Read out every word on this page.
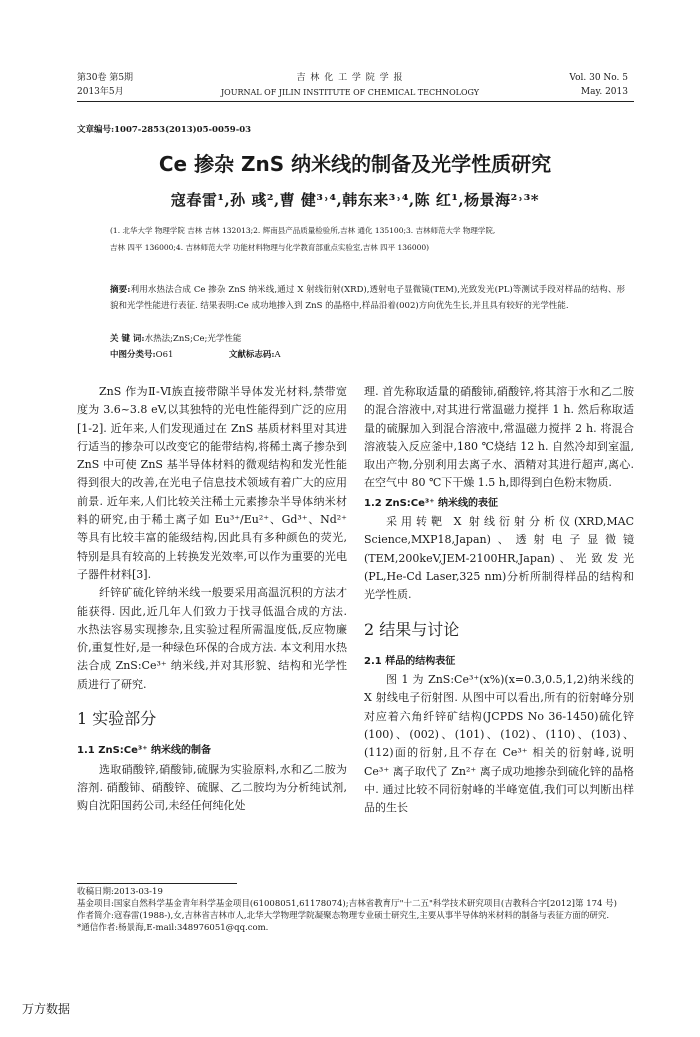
第30卷 第5期
2013年5月
吉 林 化 工 学 院 学 报
JOURNAL OF JILIN INSTITUTE OF CHEMICAL TECHNOLOGY
Vol. 30 No. 5
May. 2013
文章编号:1007-2853(2013)05-0059-03
Ce 掺杂 ZnS 纳米线的制备及光学性质研究
寇春雷¹,孙 彧²,曹 健³˒⁴,韩东来³˒⁴,陈 红¹,杨景海²˒³*
(1. 北华大学 物理学院 吉林 吉林 132013;2. 辉南县产品质量检验所,吉林 通化 135100;3. 吉林师范大学 物理学院,
吉林 四平 136000;4. 吉林师范大学 功能材料物理与化学教育部重点实验室,吉林 四平 136000)
摘要:利用水热法合成 Ce 掺杂 ZnS 纳米线,通过 X 射线衍射(XRD),透射电子显微镜(TEM),光致发光(PL)等测试手段对样品的结构、形貌和光学性能进行表征. 结果表明:Ce 成功地掺入到 ZnS 的晶格中,样品沿着(002)方向优先生长,并且具有较好的光学性能.
关 键 词:水热法;ZnS;Ce;光学性能
中图分类号:O61	文献标志码:A

ZnS 作为Ⅱ-Ⅵ族直接带隙半导体发光材料,禁带宽度为 3.6~3.8 eV,以其独特的光电性能得到广泛的应用[1-2]. 近年来,人们发现通过在 ZnS 基质材料里对其进行适当的掺杂可以改变它的能带结构,将稀土离子掺杂到 ZnS 中可使 ZnS 基半导体材料的微观结构和发光性能得到很大的改善,在光电子信息技术领域有着广大的应用前景. 近年来,人们比较关注稀土元素掺杂半导体纳米材料的研究,由于稀土离子如 Eu³⁺/Eu²⁺、Gd³⁺、Nd²⁺ 等具有比较丰富的能级结构,因此具有多种颜色的荧光,特别是具有较高的上转换发光效率,可以作为重要的光电子器件材料[3].

纤锌矿硫化锌纳米线一般要采用高温沉积的方法才能获得. 因此,近几年人们致力于找寻低温合成的方法. 水热法容易实现掺杂,且实验过程所需温度低,反应物廉价,重复性好,是一种绿色环保的合成方法. 本文利用水热法合成 ZnS:Ce³⁺ 纳米线,并对其形貌、结构和光学性质进行了研究.

1 实验部分
1.1 ZnS:Ce³⁺ 纳米线的制备

选取硝酸锌,硝酸铈,硫脲为实验原料,水和乙二胺为溶剂. 硝酸铈、硝酸锌、硫脲、乙二胺均为分析纯试剂,购自沈阳国药公司,未经任何纯化处

理. 首先称取适量的硝酸铈,硝酸锌,将其溶于水和乙二胺的混合溶液中,对其进行常温磁力搅拌 1 h. 然后称取适量的硫脲加入到混合溶液中,常温磁力搅拌 2 h. 将混合溶液装入反应釜中,180 ℃烧结 12 h. 自然冷却到室温,取出产物,分别利用去离子水、酒精对其进行超声,离心. 在空气中 80 ℃下干燥 1.5 h,即得到白色粉末物质.

1.2 ZnS:Ce³⁺ 纳米线的表征

采用转靶 X 射线衍射分析仪(XRD,MAC Science,MXP18,Japan)、透射电子显微镜(TEM,200keV,JEM-2100HR,Japan)、光致发光(PL,He-Cd Laser,325 nm)分析所制得样品的结构和光学性质.

2 结果与讨论
2.1 样品的结构表征

图 1 为 ZnS:Ce³⁺(x%)(x=0.3,0.5,1,2)纳米线的 X 射线电子衍射图. 从图中可以看出,所有的衍射峰分别对应着六角纤锌矿结构(JCPDS No 36-1450)硫化锌(100)、(002)、(101)、(102)、(110)、(103)、(112)面的衍射,且不存在 Ce³⁺ 相关的衍射峰,说明 Ce³⁺ 离子取代了 Zn²⁺ 离子成功地掺杂到硫化锌的晶格中. 通过比较不同衍射峰的半峰宽值,我们可以判断出样品的生长

收稿日期:2013-03-19
基金项目:国家自然科学基金青年科学基金项目(61008051,61178074);吉林省教育厅"十二五"科学技术研究项目(吉教科合字[2012]第 174 号)
作者简介:寇春雷(1988-),女,吉林省吉林市人,北华大学物理学院凝聚态物理专业硕士研究生,主要从事半导体纳米材料的制备与表征方面的研究.
*通信作者:杨景海,E-mail:348976051@qq.com.
万方数据
